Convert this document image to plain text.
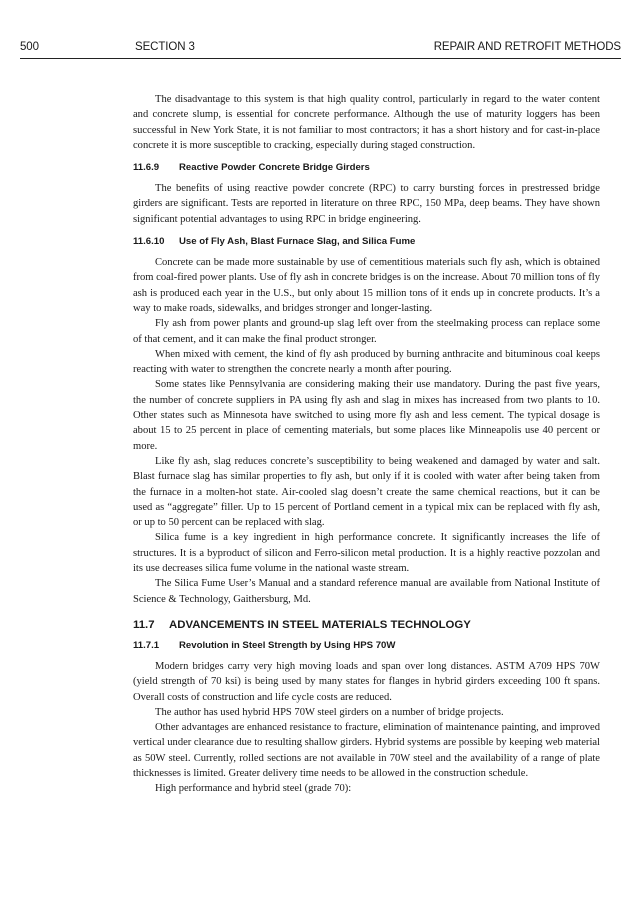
500	SECTION 3	REPAIR AND RETROFIT METHODS

The disadvantage to this system is that high quality control, particularly in regard to the water content and concrete slump, is essential for concrete performance. Although the use of maturity loggers has been successful in New York State, it is not familiar to most contractors; it has a short history and for cast-in-place concrete it is more susceptible to cracking, especially during staged construction.

11.6.9 Reactive Powder Concrete Bridge Girders

The benefits of using reactive powder concrete (RPC) to carry bursting forces in prestressed bridge girders are significant. Tests are reported in literature on three RPC, 150 MPa, deep beams. They have shown significant potential advantages to using RPC in bridge engineering.

11.6.10 Use of Fly Ash, Blast Furnace Slag, and Silica Fume

Concrete can be made more sustainable by use of cementitious materials such fly ash, which is obtained from coal-fired power plants. Use of fly ash in concrete bridges is on the increase. About 70 million tons of fly ash is produced each year in the U.S., but only about 15 million tons of it ends up in concrete products. It’s a way to make roads, sidewalks, and bridges stronger and longer-lasting.

Fly ash from power plants and ground-up slag left over from the steelmaking process can replace some of that cement, and it can make the final product stronger.

When mixed with cement, the kind of fly ash produced by burning anthracite and bituminous coal keeps reacting with water to strengthen the concrete nearly a month after pouring.

Some states like Pennsylvania are considering making their use mandatory. During the past five years, the number of concrete suppliers in PA using fly ash and slag in mixes has increased from two plants to 10. Other states such as Minnesota have switched to using more fly ash and less cement. The typical dosage is about 15 to 25 percent in place of cementing materials, but some places like Minneapolis use 40 percent or more.

Like fly ash, slag reduces concrete’s susceptibility to being weakened and damaged by water and salt. Blast furnace slag has similar properties to fly ash, but only if it is cooled with water after being taken from the furnace in a molten-hot state. Air-cooled slag doesn’t create the same chemical reactions, but it can be used as “aggregate” filler. Up to 15 percent of Portland cement in a typical mix can be replaced with fly ash, or up to 50 percent can be replaced with slag.

Silica fume is a key ingredient in high performance concrete. It significantly increases the life of structures. It is a byproduct of silicon and Ferro-silicon metal production. It is a highly reactive pozzolan and its use decreases silica fume volume in the national waste stream.

The Silica Fume User’s Manual and a standard reference manual are available from National Institute of Science & Technology, Gaithersburg, Md.

11.7 ADVANCEMENTS IN STEEL MATERIALS TECHNOLOGY
11.7.1 Revolution in Steel Strength by Using HPS 70W

Modern bridges carry very high moving loads and span over long distances. ASTM A709 HPS 70W (yield strength of 70 ksi) is being used by many states for flanges in hybrid girders exceeding 100 ft spans. Overall costs of construction and life cycle costs are reduced.

The author has used hybrid HPS 70W steel girders on a number of bridge projects.

Other advantages are enhanced resistance to fracture, elimination of maintenance painting, and improved vertical under clearance due to resulting shallow girders. Hybrid systems are possible by keeping web material as 50W steel. Currently, rolled sections are not available in 70W steel and the availability of a range of plate thicknesses is limited. Greater delivery time needs to be allowed in the construction schedule.

High performance and hybrid steel (grade 70):
